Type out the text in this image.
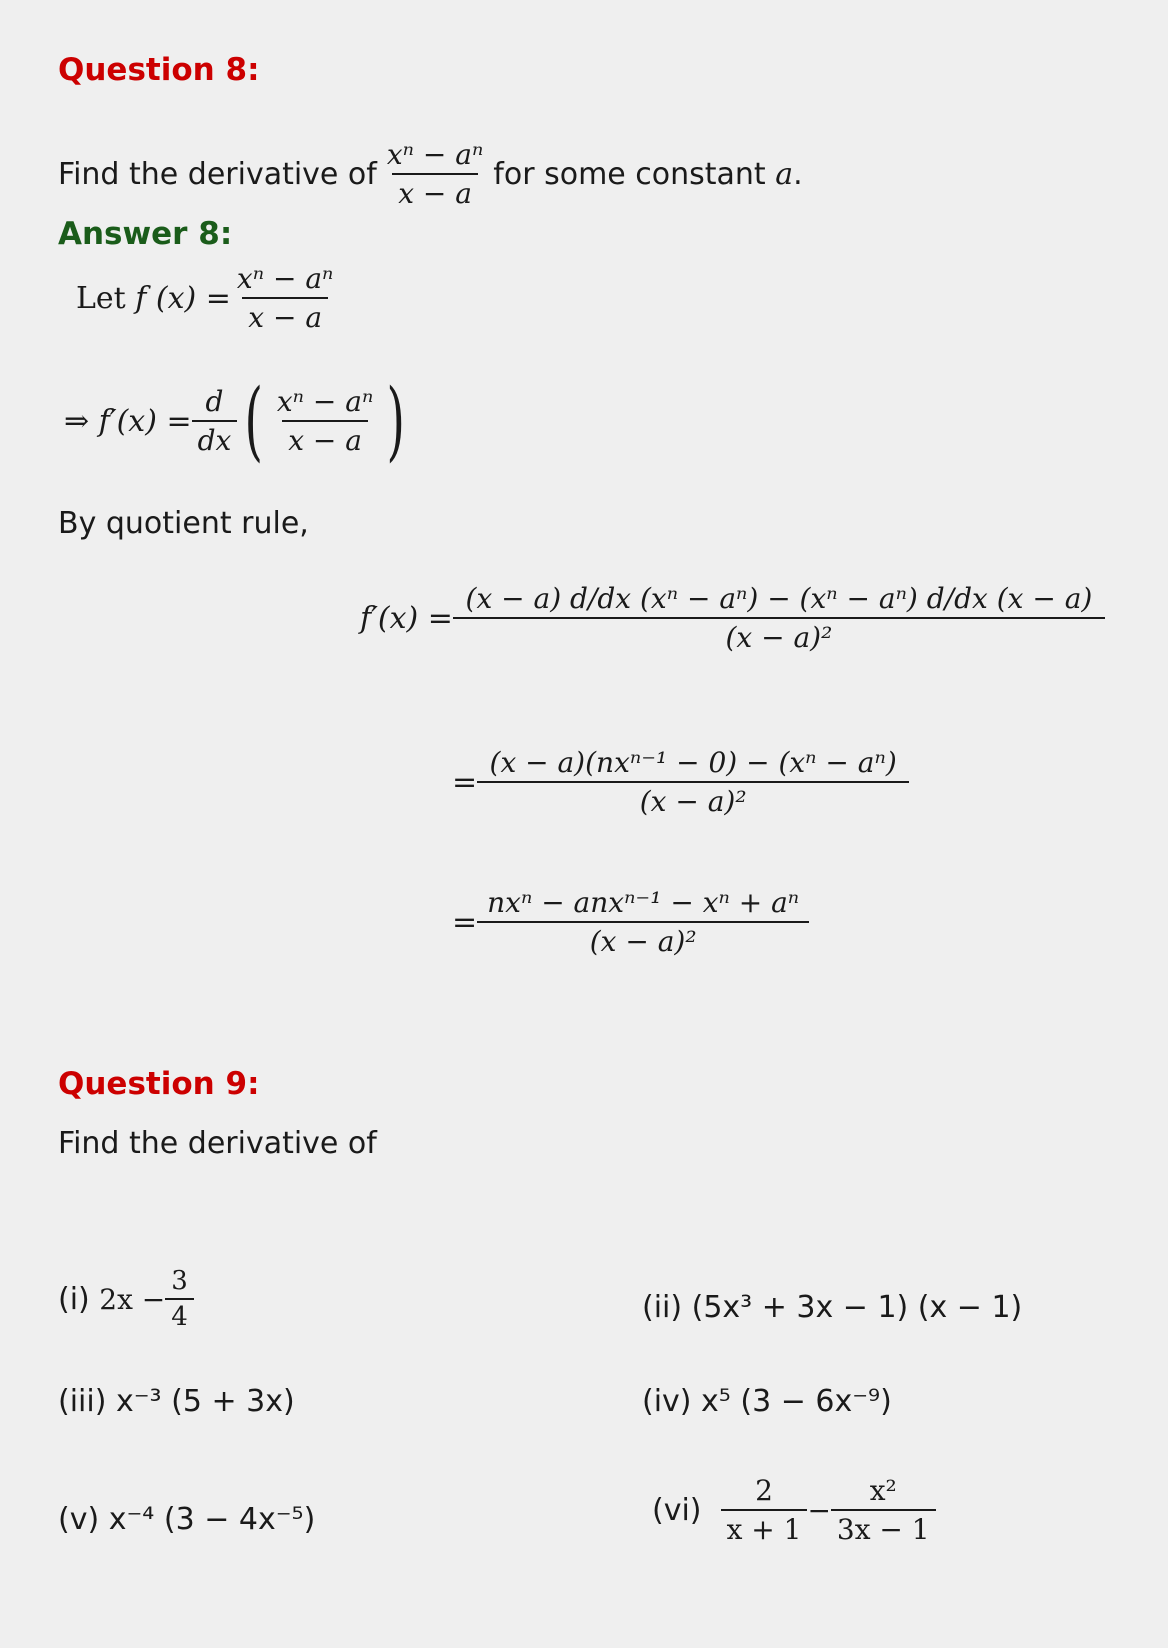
Question 8:
Find the derivative of $\frac{\text{xⁿ − aⁿ}}{x - a}$ for some constant
a .
Answer 8:
Let
f $(x) = \frac{\text{xⁿ − aⁿ}}{x - a}$
⇒ $f'(x) = \frac{d}{dx}$ ( $\frac{\text{xⁿ − aⁿ}}{x - a}$ )
By quotient rule,
$f'(x) = \frac{\text{(x − a) d/dx (xⁿ − aⁿ) − (xⁿ − aⁿ) d/dx (x − a)}}{\text{(x − a)²}}$
= $\frac{\text{(x − a)(nxⁿ⁻¹ − 0) − (xⁿ − aⁿ)}}{\text{(x − a)²}}$
= $\frac{\text{nxⁿ − anxⁿ⁻¹ − xⁿ + aⁿ}}{\text{(x − a)²}}$
Question 9:
Find the derivative of
(i)
$2x - \frac{3}{4}$	(ii) (5x³ + 3x − 1) (x − 1)
(iii) x⁻³ (5 + 3x)	(iv) x⁵ (3 − 6x⁻⁹)
(v) x⁻⁴ (3 − 4x⁻⁵)	(vi)
$\frac{2}{x + 1} - \frac{\text{x²}}{3x - 1}$
